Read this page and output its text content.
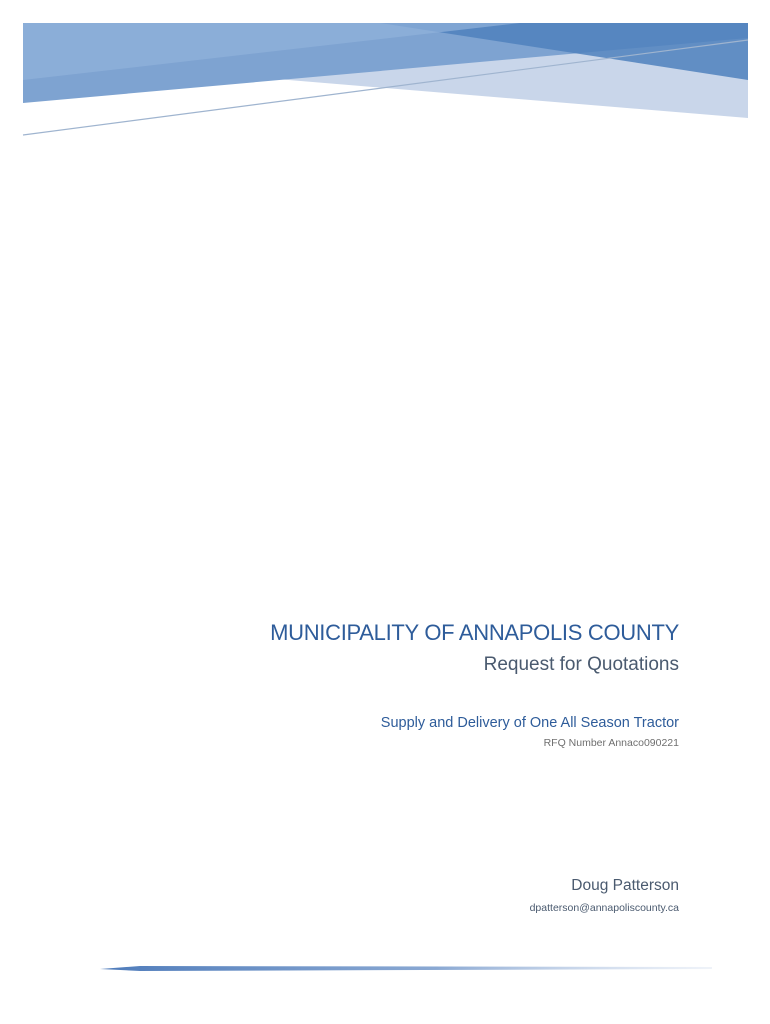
MUNICIPALITY OF ANNAPOLIS COUNTY
Request for Quotations
Supply and Delivery of One All Season Tractor
RFQ Number Annaco090221
Doug Patterson
dpatterson@annapoliscounty.ca
